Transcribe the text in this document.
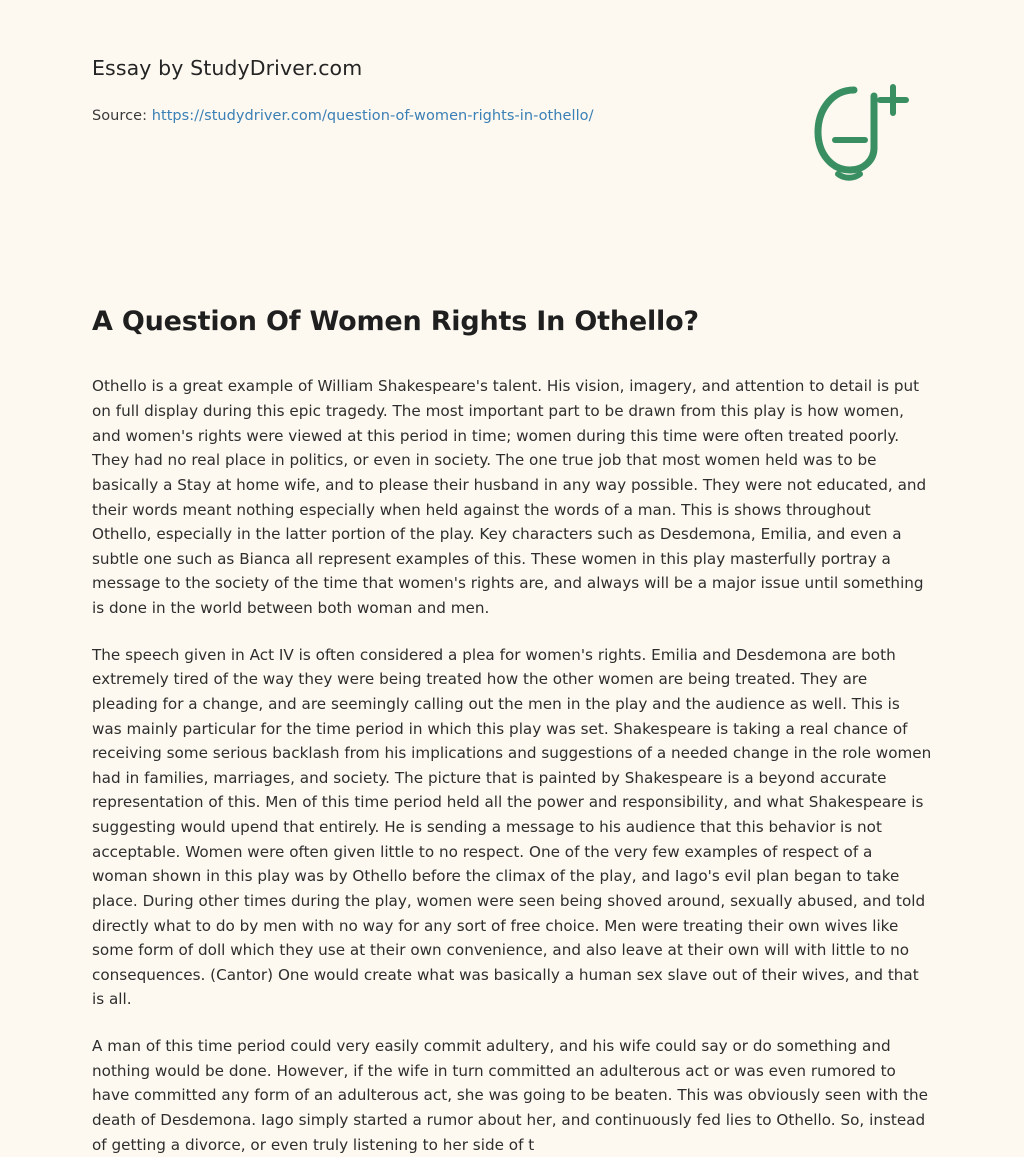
Essay by StudyDriver.com
Source: https://studydriver.com/question-of-women-rights-in-othello/
A Question Of Women Rights In Othello?

Othello is a great example of William Shakespeare's talent. His vision, imagery, and attention to detail is put on full display during this epic tragedy. The most important part to be drawn from this play is how women, and women's rights were viewed at this period in time; women during this time were often treated poorly. They had no real place in politics, or even in society. The one true job that most women held was to be basically a Stay at home wife, and to please their husband in any way possible. They were not educated, and their words meant nothing especially when held against the words of a man. This is shows throughout Othello, especially in the latter portion of the play. Key characters such as Desdemona, Emilia, and even a subtle one such as Bianca all represent examples of this. These women in this play masterfully portray a message to the society of the time that women's rights are, and always will be a major issue until something is done in the world between both woman and men.

The speech given in Act IV is often considered a plea for women's rights. Emilia and Desdemona are both extremely tired of the way they were being treated how the other women are being treated. They are pleading for a change, and are seemingly calling out the men in the play and the audience as well. This is was mainly particular for the time period in which this play was set. Shakespeare is taking a real chance of receiving some serious backlash from his implications and suggestions of a needed change in the role women had in families, marriages, and society. The picture that is painted by Shakespeare is a beyond accurate representation of this. Men of this time period held all the power and responsibility, and what Shakespeare is suggesting would upend that entirely. He is sending a message to his audience that this behavior is not acceptable. Women were often given little to no respect. One of the very few examples of respect of a woman shown in this play was by Othello before the climax of the play, and Iago's evil plan began to take place. During other times during the play, women were seen being shoved around, sexually abused, and told directly what to do by men with no way for any sort of free choice. Men were treating their own wives like some form of doll which they use at their own convenience, and also leave at their own will with little to no consequences. (Cantor) One would create what was basically a human sex slave out of their wives, and that is all.

A man of this time period could very easily commit adultery, and his wife could say or do something and nothing would be done. However, if the wife in turn committed an adulterous act or was even rumored to have committed any form of an adulterous act, she was going to be beaten. This was obviously seen with the death of Desdemona. Iago simply started a rumor about her, and continuously fed lies to Othello. So, instead of getting a divorce, or even truly listening to her side of t
